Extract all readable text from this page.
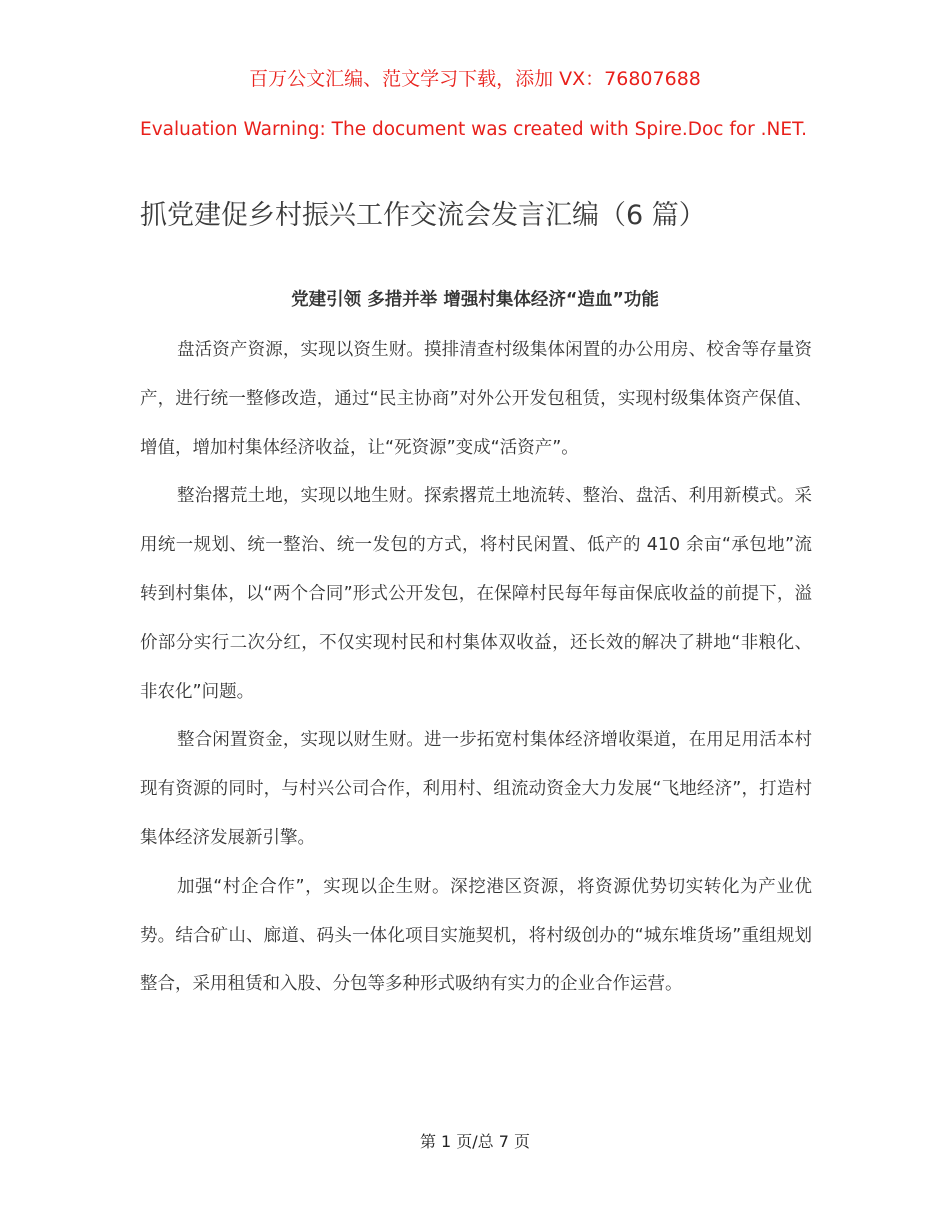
百万公文汇编、范文学习下载，添加 VX：76807688
Evaluation Warning: The document was created with Spire.Doc for .NET.
抓党建促乡村振兴工作交流会发言汇编（6 篇）
党建引领 多措并举 增强村集体经济“造血”功能

盘活资产资源，实现以资生财。摸排清查村级集体闲置的办公用房、校舍等存量资产，进行统一整修改造，通过“民主协商”对外公开发包租赁，实现村级集体资产保值、增值，增加村集体经济收益，让“死资源”变成“活资产”。

整治撂荒土地，实现以地生财。探索撂荒土地流转、整治、盘活、利用新模式。采用统一规划、统一整治、统一发包的方式，将村民闲置、低产的 410 余亩“承包地”流转到村集体，以“两个合同”形式公开发包，在保障村民每年每亩保底收益的前提下，溢价部分实行二次分红，不仅实现村民和村集体双收益，还长效的解决了耕地“非粮化、非农化”问题。

整合闲置资金，实现以财生财。进一步拓宽村集体经济增收渠道，在用足用活本村现有资源的同时，与村兴公司合作，利用村、组流动资金大力发展“飞地经济”，打造村集体经济发展新引擎。

加强“村企合作”，实现以企生财。深挖港区资源，将资源优势切实转化为产业优势。结合矿山、廊道、码头一体化项目实施契机，将村级创办的“城东堆货场”重组规划整合，采用租赁和入股、分包等多种形式吸纳有实力的企业合作运营。

第 1 页/总 7 页
